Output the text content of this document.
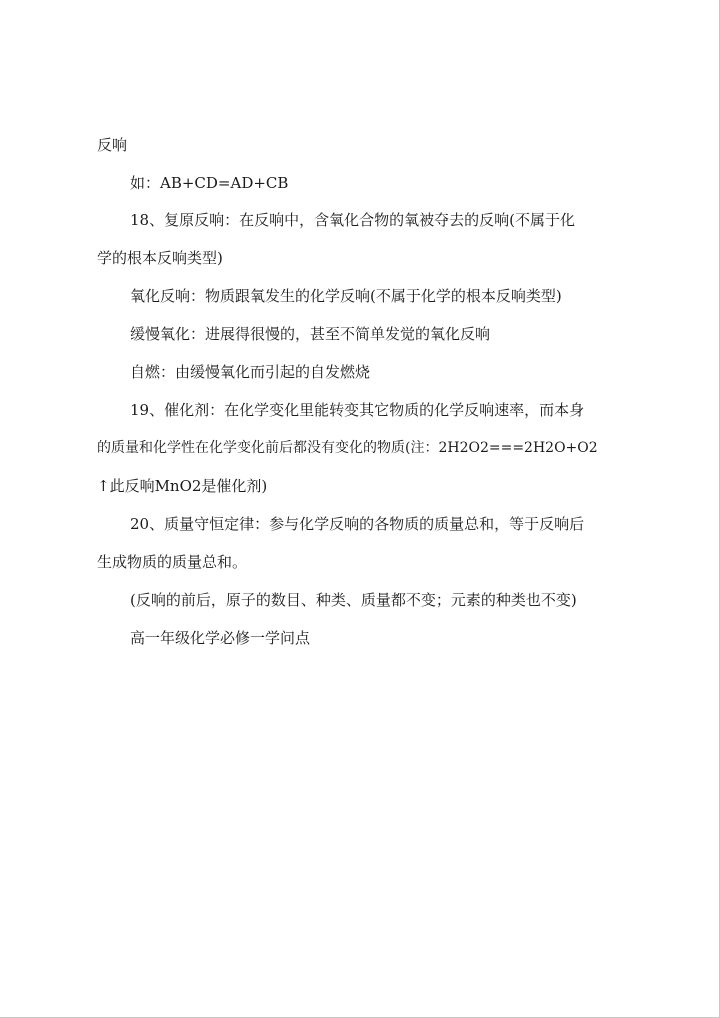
反响
如：AB+CD=AD+CB
18、复原反响：在反响中，含氧化合物的氧被夺去的反响(不属于化
学的根本反响类型)
氧化反响：物质跟氧发生的化学反响(不属于化学的根本反响类型)
缓慢氧化：进展得很慢的，甚至不简单发觉的氧化反响
自燃：由缓慢氧化而引起的自发燃烧
19、催化剂：在化学变化里能转变其它物质的化学反响速率，而本身
的质量和化学性在化学变化前后都没有变化的物质(注：2H2O2===2H2O+O2
↑此反响MnO2是催化剂)
20、质量守恒定律：参与化学反响的各物质的质量总和，等于反响后
生成物质的质量总和。
(反响的前后，原子的数目、种类、质量都不变；元素的种类也不变)
高一年级化学必修一学问点
